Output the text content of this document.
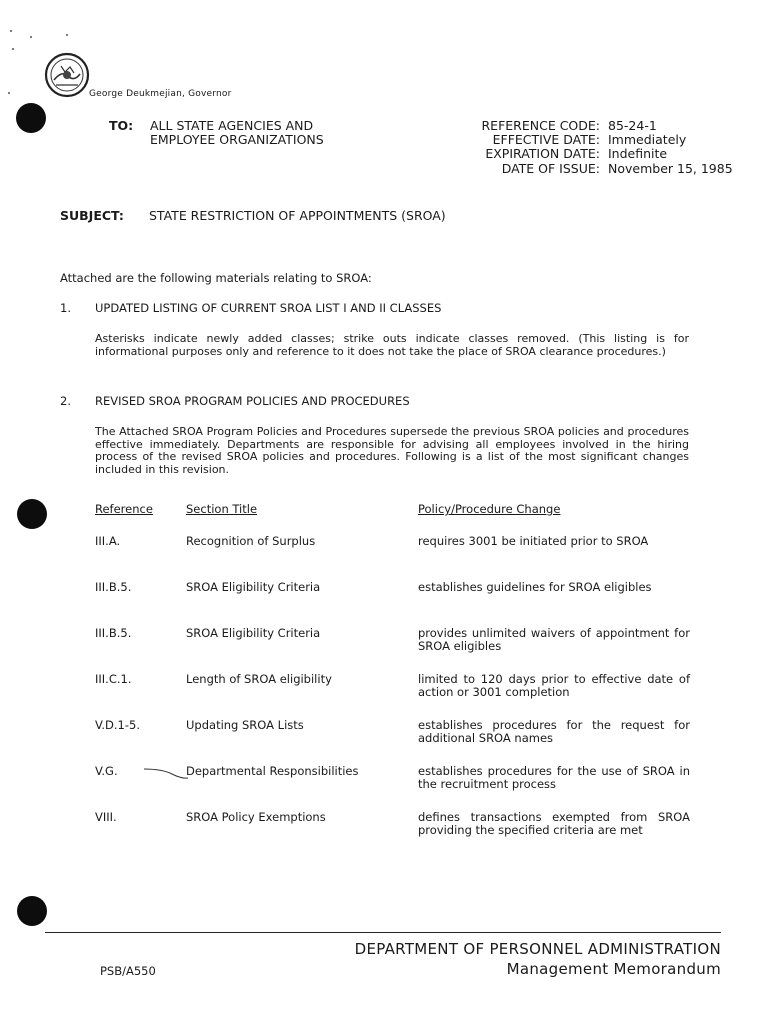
George Deukmejian, Governor
TO: ALL STATE AGENCIES AND
EMPLOYEE ORGANIZATIONS
REFERENCE CODE: 85-24-1
EFFECTIVE DATE: Immediately
EXPIRATION DATE: Indefinite
DATE OF ISSUE: November 15, 1985
SUBJECT: STATE RESTRICTION OF APPOINTMENTS (SROA)
Attached are the following materials relating to SROA:
1. UPDATED LISTING OF CURRENT SROA LIST I AND II CLASSES
Asterisks indicate newly added classes; strike outs indicate classes removed. (This listing is for informational purposes only and reference to it does not take the place of SROA clearance procedures.)
2. REVISED SROA PROGRAM POLICIES AND PROCEDURES
The Attached SROA Program Policies and Procedures supersede the previous SROA policies and procedures effective immediately. Departments are responsible for advising all employees involved in the hiring process of the revised SROA policies and procedures. Following is a list of the most significant changes included in this revision.
Reference	Section Title	Policy/Procedure Change
III.A.	Recognition of Surplus	requires 3001 be initiated prior to SROA
III.B.5.	SROA Eligibility Criteria	establishes guidelines for SROA eligibles
III.B.5.	SROA Eligibility Criteria	provides unlimited waivers of appointment for SROA eligibles
III.C.1.	Length of SROA eligibility	limited to 120 days prior to effective date of action or 3001 completion
V.D.1-5.	Updating SROA Lists	establishes procedures for the request for additional SROA names
V.G.	Departmental Responsibilities	establishes procedures for the use of SROA in the recruitment process
VIII.	SROA Policy Exemptions	defines transactions exempted from SROA providing the specified criteria are met
DEPARTMENT OF PERSONNEL ADMINISTRATION
Management Memorandum
PSB/A550
